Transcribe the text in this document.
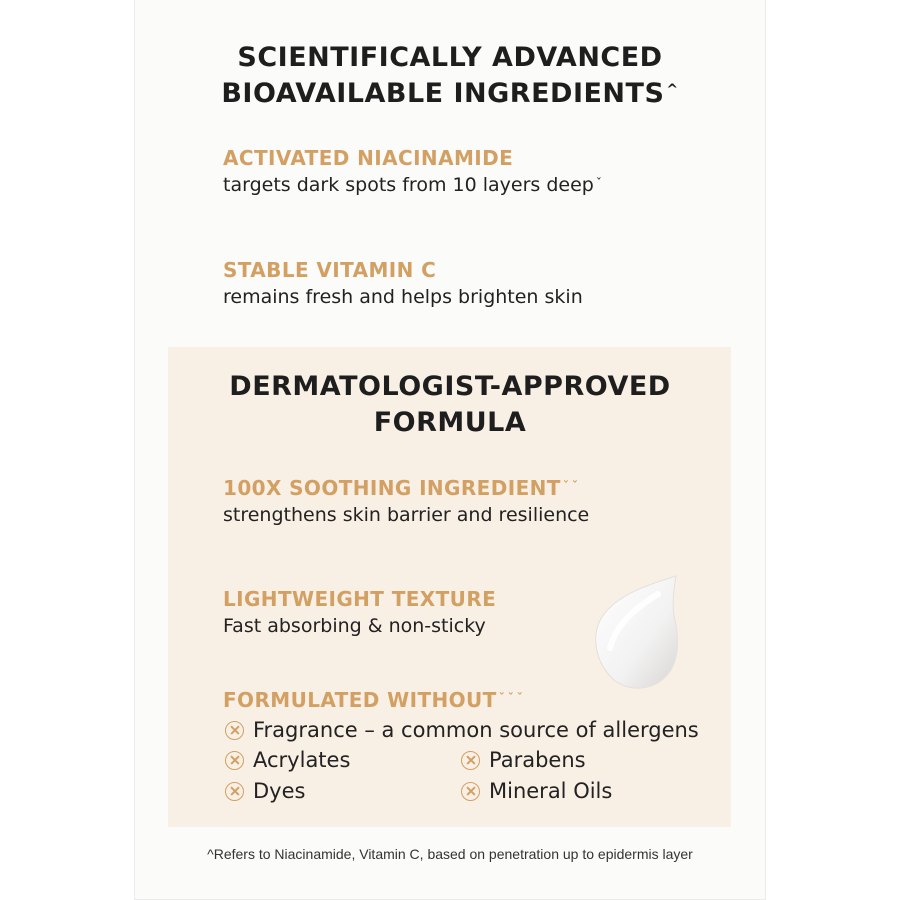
SCIENTIFICALLY ADVANCED
BIOAVAILABLE INGREDIENTS ^
ACTIVATED NIACINAMIDE
targets dark spots from 10 layers deep $^ˇ$
STABLE VITAMIN C
remains fresh and helps brighten skin
DERMATOLOGIST-APPROVED
FORMULA
100X SOOTHING INGREDIENT $^{ˇˇ}$
strengthens skin barrier and resilience
LIGHTWEIGHT TEXTURE
Fast absorbing & non-sticky
FORMULATED WITHOUT $^{ˇˇˇ}$
Fragrance – a common source of allergens
Acrylates	Parabens
Dyes	Mineral Oils
^Refers to Niacinamide, Vitamin C, based on penetration up to epidermis layer
